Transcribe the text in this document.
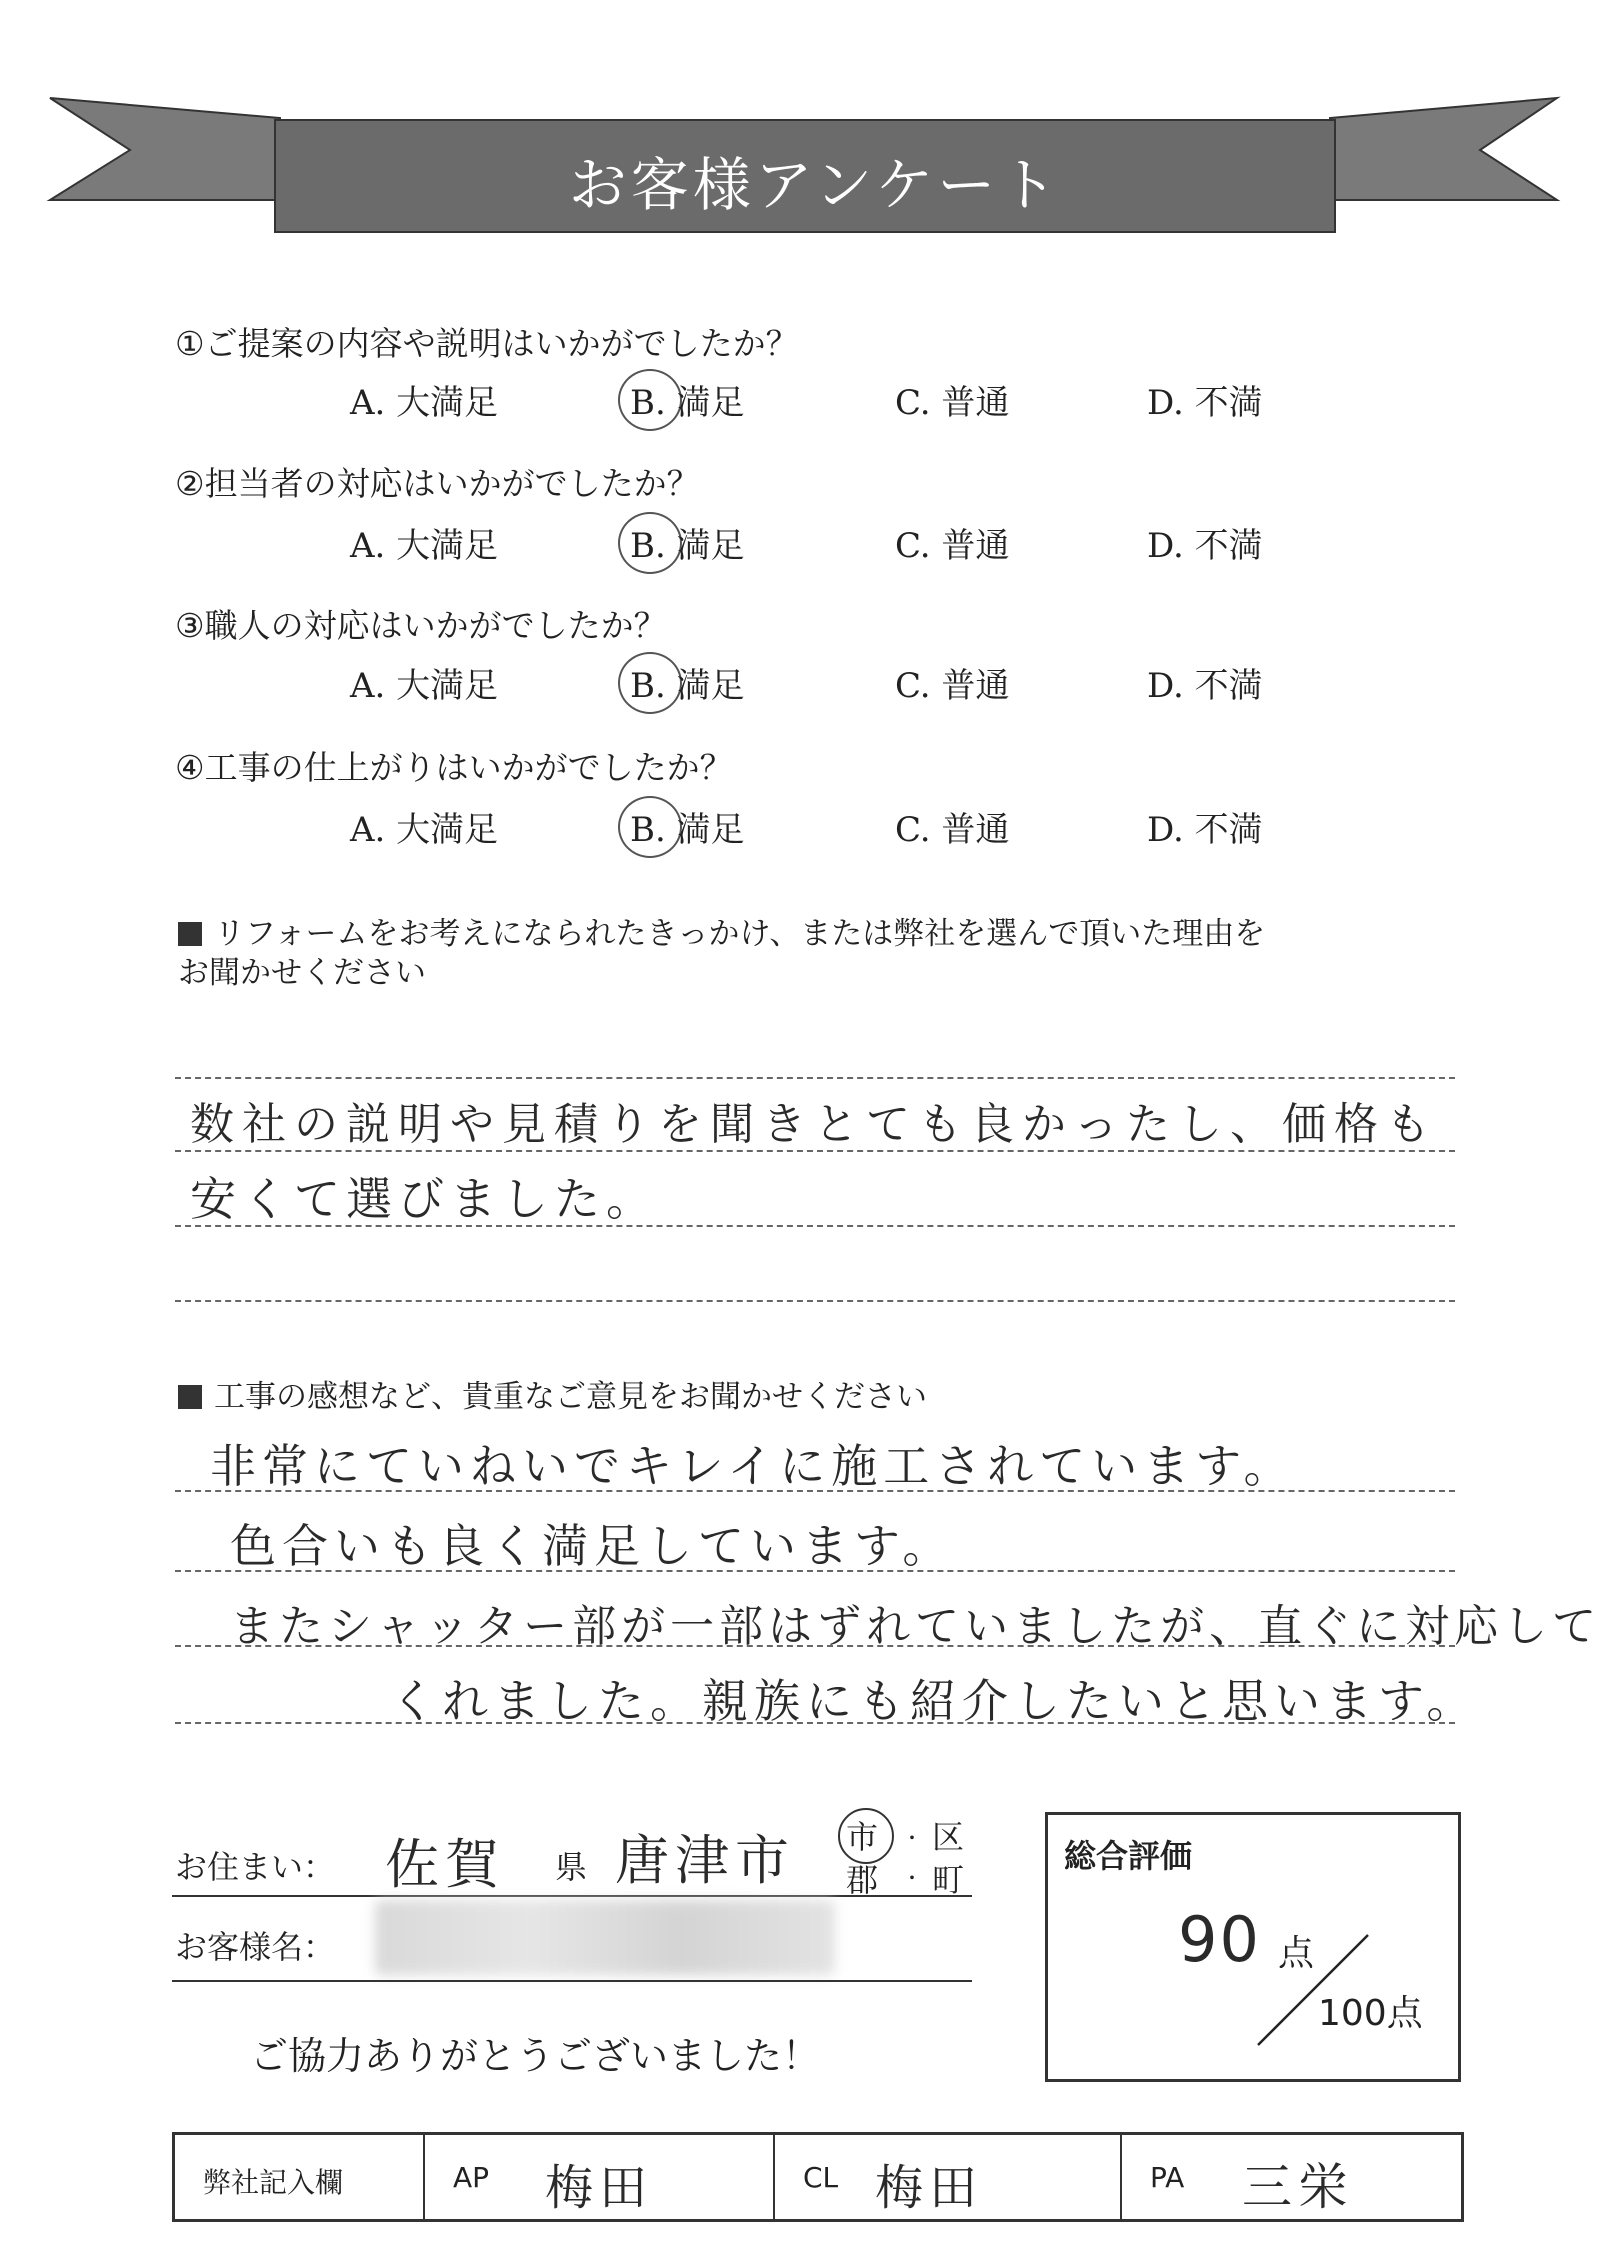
お客様アンケート
①ご提案の内容や説明はいかがでしたか？
A. 大満足	B. 満足	C. 普通	D. 不満
②担当者の対応はいかがでしたか？
A. 大満足	B. 満足	C. 普通	D. 不満
③職人の対応はいかがでしたか？
A. 大満足	B. 満足	C. 普通	D. 不満
④工事の仕上がりはいかがでしたか？
A. 大満足	B. 満足	C. 普通	D. 不満
リフォームをお考えになられたきっかけ、または弊社を選んで頂いた理由を
お聞かせください
数社の説明や見積りを聞きとても良かったし、価格も
安くて選びました。
工事の感想など、貴重なご意見をお聞かせください
非常にていねいでキレイに施工されています。
色合いも良く満足しています。
またシャッター部が一部はずれていましたが、直ぐに対応して
くれました。親族にも紹介したいと思います。
お住まい： 佐賀 県 唐津市 市 ・ 区
郡 ・ 町
お客様名：
ご協力ありがとうございました！
総合評価
90 点
100点
弊社記入欄	AP 梅田	CL 梅田	PA 三栄
